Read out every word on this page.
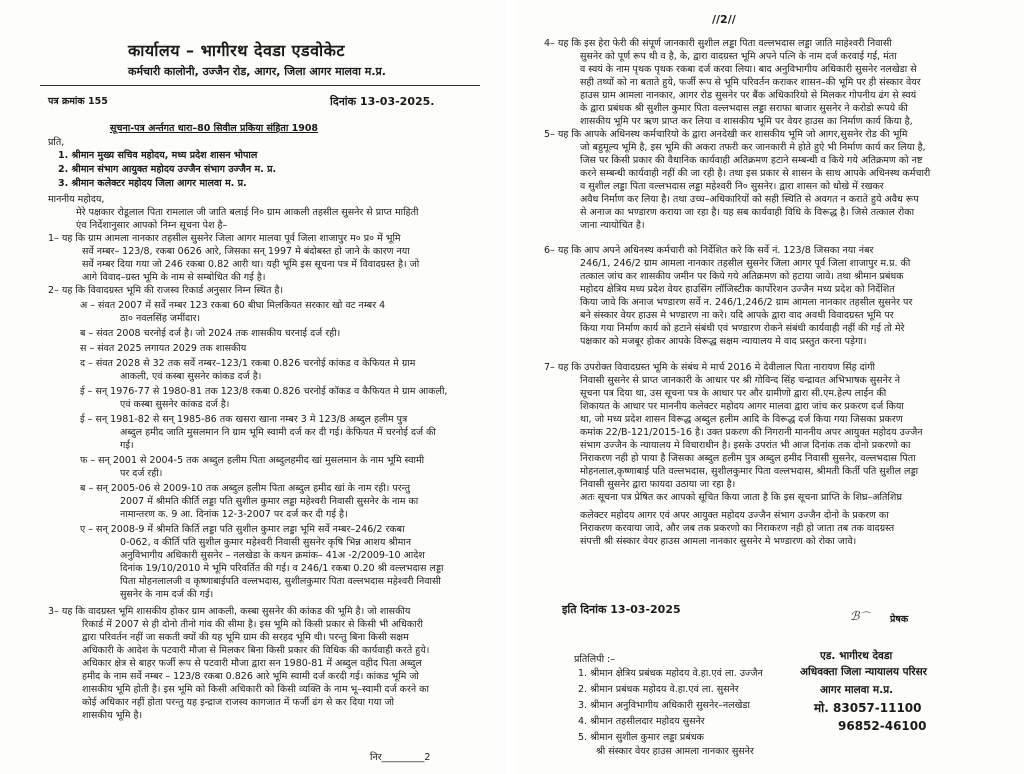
कार्यालय – भागीरथ देवडा एडवोकेट
कर्मचारी कालोनी, उज्जैन रोड, आगर, जिला आगर मालवा म.प्र.
पत्र क्रमांक 155	दिनांक 13-03-2025.
सूचना-पत्र अर्न्तगत धारा–80 सिवील प्रकिया संहिता 1908
प्रति,
1. श्रीमान मुख्य सचिव महोदय, मध्य प्रदेश शासन भोपाल
2. श्रीमान संभाग आयुक्त महोदय उज्जैन संभाग उज्जैन म. प्र.
3. श्रीमान कलेक्टर महोदय जिला आगर मालवा म. प्र.
माननीय महोदय,
मेरे पक्षकार रोडूलाल पिता रामलाल जी जाति बलाई नि० ग्राम आकली तहसील सुसनेर से प्राप्त माहिती
एंव निर्देशानुसार आपको निम्न सूचना पेश है–
1– यह कि ग्राम आमला नानकार तहसील सुसनेर जिला आगर मालवा पूर्व जिला शाजापुर म० प्र० में भूमि
सर्वे नम्बर– 123/8, रकबा 0626 आरे, जिसका सन् 1997 मे बंदोबस्त हो जाने के कारण नया
सर्वे नम्बर दिया गया जो 246 रकबा 0.82 आरी था। यही भूमि इस सूचना पत्र में विवादग्रस्त है। जो
आगे विवाद–ग्रस्त भूमि के नाम से सम्बोधित की गई है।
2– यह कि विवादग्रस्त भूमि की राजस्व रिकार्ड अनुसार निम्न स्थित है।
अ – संवत 2007 में सर्वे नम्बर 123 रकबा 60 बीघा मिलकियत सरकार खो वट नम्बर 4
ठा० नवलसिंह जमींदार।
ब – संवत 2008 चरनोई दर्ज है। जो 2024 तक शासकीय चरनाई दर्ज रही।
स – संवत 2025 लगायत 2029 तक शासकीय
द – संवत 2028 से 32 तक सर्वे नम्बर–123/1 रकबा 0.826 चरनोई कांकड व केफियत मे ग्राम
आकली, एवं कस्बा सुसनेर कांकड दर्ज है।
ई – सन् 1976-77 से 1980-81 तक 123/8 रकबा 0.826 चरनोई कॉकड व कैफियत मे ग्राम आकली,
एवं कस्बा सुसनेर कांकड दर्ज है।
ई – सन् 1981-82 से सन् 1985-86 तक खसरा खाना नम्बर 3 मे 123/8 अब्दुल हलीम पुत्र
अब्दुल हमीद जाति मुसलमान नि ग्राम भूमि स्वामी दर्ज कर दी गई। केफियत में चरनोई दर्ज की
गई।
फ – सन् 2001 से 2004-5 तक अब्दुल हलीम पिता अब्दुलहमीद खां मुसलमान के नाम भूमि स्वामी
पर दर्ज रही।
ब – सन् 2005-06 से 2009-10 तक अब्दुल हलीम पिता अब्दुल हमीद खां के नाम रही। परन्तु
2007 में श्रीमति कीर्ति लड्डा पति सुशील कुमार लड्डा महेश्वरी निवासी सुसनेर के नाम का
नामान्तरण क. 9 आ. दिनांक 12-3-2007 पर दर्ज कर दी गई है।
ए – सन् 2008-9 में श्रीमति किर्ति लड्डा पति सुशील कुमार लड्डा भूमि सर्वे नम्बर–246/2 रकबा
0-062, व कीर्ति पति सुशील कुमार महेश्वरी निवासी सुसनेर कृषि भिन्न आशय श्रीमान
अनुविभागीय अधिकारी सुसनेर – नलखेडा के कथन क्रमांक– 41अ -2/2009-10 आदेश
दिनांक 19/10/2010 मे भूमि परिवर्तित की गई। व 246/1 रकबा 0.20 श्री वल्लभदास लड्डा
पिता मोहनलालजी व कृष्णाबाईपति वल्लभदास, सुशीलकुमार पिता वल्लभदास महेश्वरी निवासी
सुसनेर के नाम दर्ज की गई।
3– यह कि वादग्रस्त भूमि शासकीय होकर ग्राम आकली, कस्बा सुसनेर की कांकड की भूमि है। जो शासकीय
रिकार्ड में 2007 से ही दोनो तीनो गांव की सीमा है। इस भूमि को किसी प्रकार से किसी भी अधिकारी
द्वारा परिवर्तन नहीं जा सकती क्यों की यह भूमि ग्राम की सरहद भूमि थी। परन्तु बिना किसी सक्षम
अधिकारी के आदेश के पटवारी मौजा से मिलकर बिना किसी प्रकार की विधिक की कार्यवाही करते हुये।
अधिकार क्षेत्र से बाहर फर्जी रूप से पटवारी मौजा द्वारा सन 1980-81 में अब्दुल वहीद पिता अब्दुल
हमीद के नाम सर्वे नम्बर – 123/8 रकबा 0.826 आरे भूमि स्वामी दर्ज करदी गई। कांकड भूमि जो
शासकीय भूमि होती है। इस भूमि को किसी अधिकारी को किसी व्यक्ति के नाम भू–स्वामी दर्ज करने का
कोई अधिकार नहीं होता परन्तु यह इन्द्राज राजस्व कागजात में फर्जी ढंग से कर दिया गया जो
शासकीय भूमि है।
निर_________2
//2//
4– यह कि इस हेरा फेरी की संपूर्ण जानकारी सुशील लड्डा पिता वल्लभदास लड्डा जाति माहेश्वरी निवासी
सुसनेर को पूर्ण रूप थी व है, के, द्वारा वादग्रस्त भूमि अपने पत्नि के नाम दर्ज करवाई गई, मंता
व स्वयं के नाम पृथक पृथक रकबा दर्ज करवा लिया। बाद अनुविभागीय अधिकारी सुसनेर नलखेडा से
सही तथ्यों को ना बताते हुये, फर्जी रूप से भूमि परिवर्तन कराकर शासन–की भूमि पर ही संस्कार वेयर
हाउस ग्राम आमला नानकार, आगर रोड सुसनेर पर बैंक अधिकारियो से मिलकर गोपनीय ढंग से स्वयं
के द्वारा प्रबंधक श्री सुशील कुमार पिता वल्लभदास लड्डा सराफा बाजार सुसनेर ने करोडो रूपये की
शासकीय भूमि पर ऋण प्राप्त कर लिया व शासकीय भूमि पर वेयर हाउस का निर्माण कार्य किया है,
5– यह कि आपके अधिनस्थ कर्मचारियो के द्वारा अनदेखी कर शासकीय भूमि जो आगर,सुसनेर रोड की भूमि
जो बहुमूल्य भूमि है, इस भूमि की अकरा तफरी कर जानकारी मे होते हुऐ भी निर्माण कार्य कर लिया है,
जिस पर किसी प्रकार की वैधानिक कार्यवाही अतिक्रमण हटाने सम्बन्धी व किये गये अतिक्रमण को नष्ट
करने सम्बन्धी कार्यवाही नहीं की जा रही है। तथा इस प्रकार से शासन के साथ आपके अधिनस्थ कर्मचारी
व सुशील लड्डा पिता वल्लभदास लड्डा महेश्वरी नि० सुसनेर। द्वारा शासन को धोखे में रखकर
अवैध निर्माण कर लिया है। तथा उच्च–अधिकारियों को सही स्थिति से अवगत न कराते हुये अवैध रूप
से अनाज का भण्डारण कराया जा रहा है। यह सब कार्यवाही विधि के विरूद्ध है। जिसे तत्काल रोका
जाना न्यायोचित है।
6– यह कि आप अपने अधिनस्थ कर्मचारी को निर्देशित करे कि सर्वे नं. 123/8 जिसका नया नंबर
246/1, 246/2 ग्राम आमला नानकार तहसील सुसनेर जिला आगर पूर्व जिला शाजापुर म.प्र. की
तत्काल जांच कर शासकीय जमीन पर किये गये अतिक्रमण को हटाया जावे। तथा श्रीमान प्रबंधक
महोदय क्षेत्रिय मध्य प्रदेश वेयर हाउसिंग लॉजिस्टीक कार्पोरेशन उज्जैन मध्य प्रदेश को निर्देशित
किया जावे कि अनाज भण्डारण सर्वे न. 246/1,246/2 ग्राम आमला नानकार तहसील सुसनेर पर
बने संस्कार वेयर हाउस मे भण्डारण ना करे। यदि आपके द्वारा वाद अवधी विवादग्रस्त भूमि पर
किया गया निर्माण कार्य को हटाने संबंधी एवं भण्डारण रोकने संबंधी कार्यवाही नहीं की गई तो मेरे
पक्षकार को मजबूर होकर आपके विरूद्ध सक्षम न्यायालय मे वाद प्रस्तुत करना पड़ेगा।
7– यह कि उपरोक्त विवादग्रस्त भूमि के संबंध मे मार्च 2016 मे देवीलाल पिता नारायण सिंह दांगी
निवासी सुसनेर से प्राप्त जानकारी के आधार पर श्री गोविन्द सिंह चन्द्रावत अभिभाषक सुसनेर ने
सूचना पत्र दिया था, उस सूचना पत्र के आधार पर और ग्रामीणो द्वारा सी.एम.हेल्प लाईन की
शिकायत के आधार पर माननीय कलेक्टर महोदय आगर मालवा द्वारा जांच कर प्रकरण दर्ज किया
था, जो मध्य प्रदेश शासन विरूद्ध अब्दुल हलीम आदि के विरूद्ध दर्ज किया गया जिसका प्रकरण
कमांक 22/B-121/2015-16 है। उक्त प्रकरण की निगरानी माननीय अपर आयुक्त महोदय उज्जैन
संभाग उज्जैन के न्यायालय मे विचाराधीन है। इसके उपरांत भी आज दिनांक तक दोनो प्रकरणो का
निराकरण नही हो पाया है जिसका अब्दुल हलीम पुत्र अब्दुल हमीद निवासी सुसनेर, वल्लभदास पिता
मोहनलाल,कृष्णाबाई पति वल्लभदास, सुशीलकुमार पिता वल्लभदास, श्रीमती किर्ती पति सुशील लड्डा
निवासी सुसनेर द्वारा फायदा उठाया जा रहा है।
अतः सूचना पत्र प्रेषित कर आपको सूचित किया जाता है कि इस सूचना प्राप्ति के शिघ्र–अतिशिघ्र
कलेक्टर महोदय आगर एवं अपर आयुक्त महोदय उज्जैन संभाग उज्जैन दोनो के प्रकरण का
निराकरण करवाया जावे, और जब तक प्रकरणो का निराकरण नही हो जाता तब तक वादग्रस्त
संपत्ती श्री संस्कार वेयर हाउस आमला नानकार सुसनेर मे भण्डारण को रोका जावे।
इति दिनांक 13-03-2025	ℬ⌒ प्रेषक
प्रतिलिपी :–
1. श्रीमान क्षेत्रिय प्रबंधक महोदय वे.हा.एवं ला. उज्जैन
2. श्रीमान प्रबंधक महोदय वे.हा.एवं ला. सुसनेर
3. श्रीमान अनुविभागीय अधिकारी सुसनेर–नलखेडा
4. श्रीमान तहसीलदार महोदय सुसनेर
5. श्रीमान सुशील कुमार लड्डा प्रबंधक
श्री संस्कार वेयर हाउस आमला नानकार सुसनेर
एड. भागीरथ देवडा
अधिवक्ता जिला न्यायालय परिसर
आगर मालवा म.प्र.
मो. 83057-11100
96852-46100
